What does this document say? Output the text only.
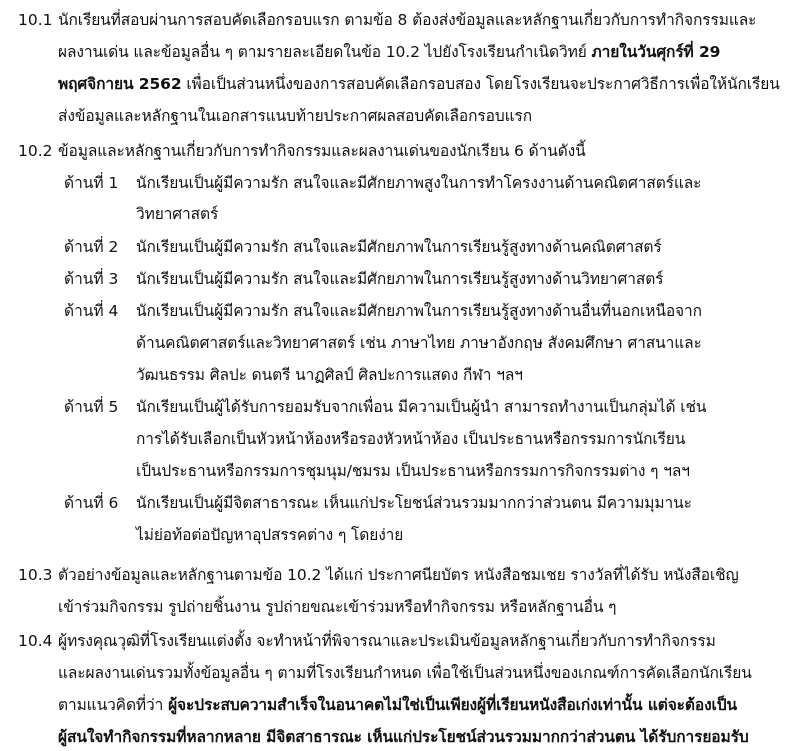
10.1 นักเรียนที่สอบผ่านการสอบคัดเลือกรอบแรก ตามข้อ 8 ต้องส่งข้อมูลและหลักฐานเกี่ยวกับการทำกิจกรรมและ
ผลงานเด่น และข้อมูลอื่น ๆ ตามรายละเอียดในข้อ 10.2 ไปยังโรงเรียนกำเนิดวิทย์ ภายในวันศุกร์ที่ 29
พฤศจิกายน 2562 เพื่อเป็นส่วนหนึ่งของการสอบคัดเลือกรอบสอง โดยโรงเรียนจะประกาศวิธีการเพื่อให้นักเรียน
ส่งข้อมูลและหลักฐานในเอกสารแนบท้ายประกาศผลสอบคัดเลือกรอบแรก
10.2 ข้อมูลและหลักฐานเกี่ยวกับการทำกิจกรรมและผลงานเด่นของนักเรียน 6 ด้านดังนี้
ด้านที่ 1 นักเรียนเป็นผู้มีความรัก สนใจและมีศักยภาพสูงในการทำโครงงานด้านคณิตศาสตร์และ
วิทยาศาสตร์
ด้านที่ 2 นักเรียนเป็นผู้มีความรัก สนใจและมีศักยภาพในการเรียนรู้สูงทางด้านคณิตศาสตร์
ด้านที่ 3 นักเรียนเป็นผู้มีความรัก สนใจและมีศักยภาพในการเรียนรู้สูงทางด้านวิทยาศาสตร์
ด้านที่ 4 นักเรียนเป็นผู้มีความรัก สนใจและมีศักยภาพในการเรียนรู้สูงทางด้านอื่นที่นอกเหนือจาก
ด้านคณิตศาสตร์และวิทยาศาสตร์ เช่น ภาษาไทย ภาษาอังกฤษ สังคมศึกษา ศาสนาและ
วัฒนธรรม ศิลปะ ดนตรี นาฏศิลป์ ศิลปะการแสดง กีฬา ฯลฯ
ด้านที่ 5 นักเรียนเป็นผู้ได้รับการยอมรับจากเพื่อน มีความเป็นผู้นำ สามารถทำงานเป็นกลุ่มได้ เช่น
การได้รับเลือกเป็นหัวหน้าห้องหรือรองหัวหน้าห้อง เป็นประธานหรือกรรมการนักเรียน
เป็นประธานหรือกรรมการชุมนุม/ชมรม เป็นประธานหรือกรรมการกิจกรรมต่าง ๆ ฯลฯ
ด้านที่ 6 นักเรียนเป็นผู้มีจิตสาธารณะ เห็นแก่ประโยชน์ส่วนรวมมากกว่าส่วนตน มีความมุมานะ
ไม่ย่อท้อต่อปัญหาอุปสรรคต่าง ๆ โดยง่าย
10.3 ตัวอย่างข้อมูลและหลักฐานตามข้อ 10.2 ได้แก่ ประกาศนียบัตร หนังสือชมเชย รางวัลที่ได้รับ หนังสือเชิญ
เข้าร่วมกิจกรรม รูปถ่ายชิ้นงาน รูปถ่ายขณะเข้าร่วมหรือทำกิจกรรม หรือหลักฐานอื่น ๆ
10.4 ผู้ทรงคุณวุฒิที่โรงเรียนแต่งตั้ง จะทำหน้าที่พิจารณาและประเมินข้อมูลหลักฐานเกี่ยวกับการทำกิจกรรม
และผลงานเด่นรวมทั้งข้อมูลอื่น ๆ ตามที่โรงเรียนกำหนด เพื่อใช้เป็นส่วนหนึ่งของเกณฑ์การคัดเลือกนักเรียน
ตามแนวคิดที่ว่า ผู้จะประสบความสำเร็จในอนาคตไม่ใช่เป็นเพียงผู้ที่เรียนหนังสือเก่งเท่านั้น แต่จะต้องเป็น
ผู้สนใจทำกิจกรรมที่หลากหลาย มีจิตสาธารณะ เห็นแก่ประโยชน์ส่วนรวมมากกว่าส่วนตน ได้รับการยอมรับ
